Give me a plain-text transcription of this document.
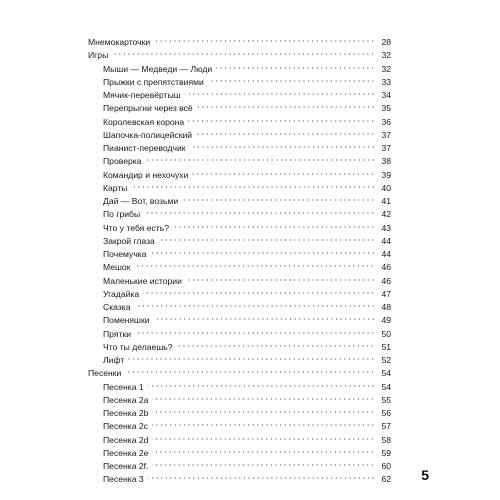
Мнемокарточки	28
Игры	32
Мыши — Медведи — Люди	32
Прыжки с препятствиями	33
Мячик-перевёртыш	34
Перепрыгни через всё	35
Королевская корона	36
Шапочка-полицейский	37
Пианист-переводчик	37
Проверка	38
Командир и нехочухи	39
Карты	40
Дай — Вот, возьми	41
По грибы	42
Что у тебя есть?	43
Закрой глаза	44
Почемучка	44
Мешок	46
Маленькие истории	46
Угадайка	47
Сказка	48
Поменяшки	49
Прятки	50
Что ты делаешь?	51
Лифт	52
Песенки	54
Песенка 1	54
Песенка 2a	55
Песенка 2b	56
Песенка 2c	57
Песенка 2d	58
Песенка 2e	59
Песенка 2f.	60
Песенка 3	62 5
